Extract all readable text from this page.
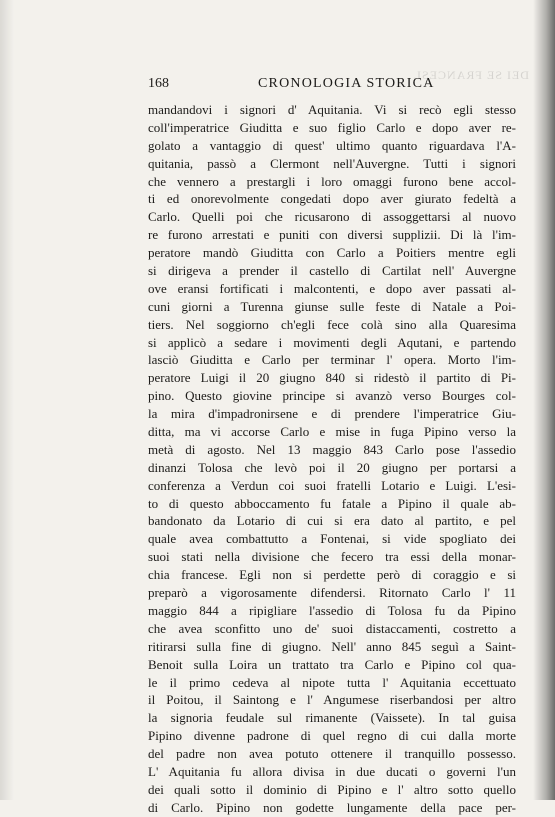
DEI SE FRANCESI.
168	CRONOLOGIA STORICA
mandandovi i signori d' Aquitania. Vi si recò egli stesso
coll'imperatrice Giuditta e suo figlio Carlo e dopo aver re-
golato a vantaggio di quest' ultimo quanto riguardava l'A-
quitania, passò a Clermont nell'Auvergne. Tutti i signori
che vennero a prestargli i loro omaggi furono bene accol-
ti ed onorevolmente congedati dopo aver giurato fedeltà a
Carlo. Quelli poi che ricusarono di assoggettarsi al nuovo
re furono arrestati e puniti con diversi supplizii. Di là l'im-
peratore mandò Giuditta con Carlo a Poitiers mentre egli
si dirigeva a prender il castello di Cartilat nell' Auvergne
ove eransi fortificati i malcontenti, e dopo aver passati al-
cuni giorni a Turenna giunse sulle feste di Natale a Poi-
tiers. Nel soggiorno ch'egli fece colà sino alla Quaresima
si applicò a sedare i movimenti degli Aqutani, e partendo
lasciò Giuditta e Carlo per terminar l' opera. Morto l'im-
peratore Luigi il 20 giugno 840 si ridestò il partito di Pi-
pino. Questo giovine principe si avanzò verso Bourges col-
la mira d'impadronirsene e di prendere l'imperatrice Giu-
ditta, ma vi accorse Carlo e mise in fuga Pipino verso la
metà di agosto. Nel 13 maggio 843 Carlo pose l'assedio
dinanzi Tolosa che levò poi il 20 giugno per portarsi a
conferenza a Verdun coi suoi fratelli Lotario e Luigi. L'esi-
to di questo abboccamento fu fatale a Pipino il quale ab-
bandonato da Lotario di cui si era dato al partito, e pel
quale avea combattutto a Fontenai, si vide spogliato dei
suoi stati nella divisione che fecero tra essi della monar-
chia francese. Egli non si perdette però di coraggio e si
preparò a vigorosamente difendersi. Ritornato Carlo l' 11
maggio 844 a ripigliare l'assedio di Tolosa fu da Pipino
che avea sconfitto uno de' suoi distaccamenti, costretto a
ritirarsi sulla fine di giugno. Nell' anno 845 seguì a Saint-
Benoit sulla Loira un trattato tra Carlo e Pipino col qua-
le il primo cedeva al nipote tutta l' Aquitania eccettuato
il Poitou, il Saintong e l' Angumese riserbandosi per altro
la signoria feudale sul rimanente (Vaissete). In tal guisa
Pipino divenne padrone di quel regno di cui dalla morte
del padre non avea potuto ottenere il tranquillo possesso.
L' Aquitania fu allora divisa in due ducati o governi l'un
dei quali sotto il dominio di Pipino e l' altro sotto quello
di Carlo. Pipino non godette lungamente della pace per-
